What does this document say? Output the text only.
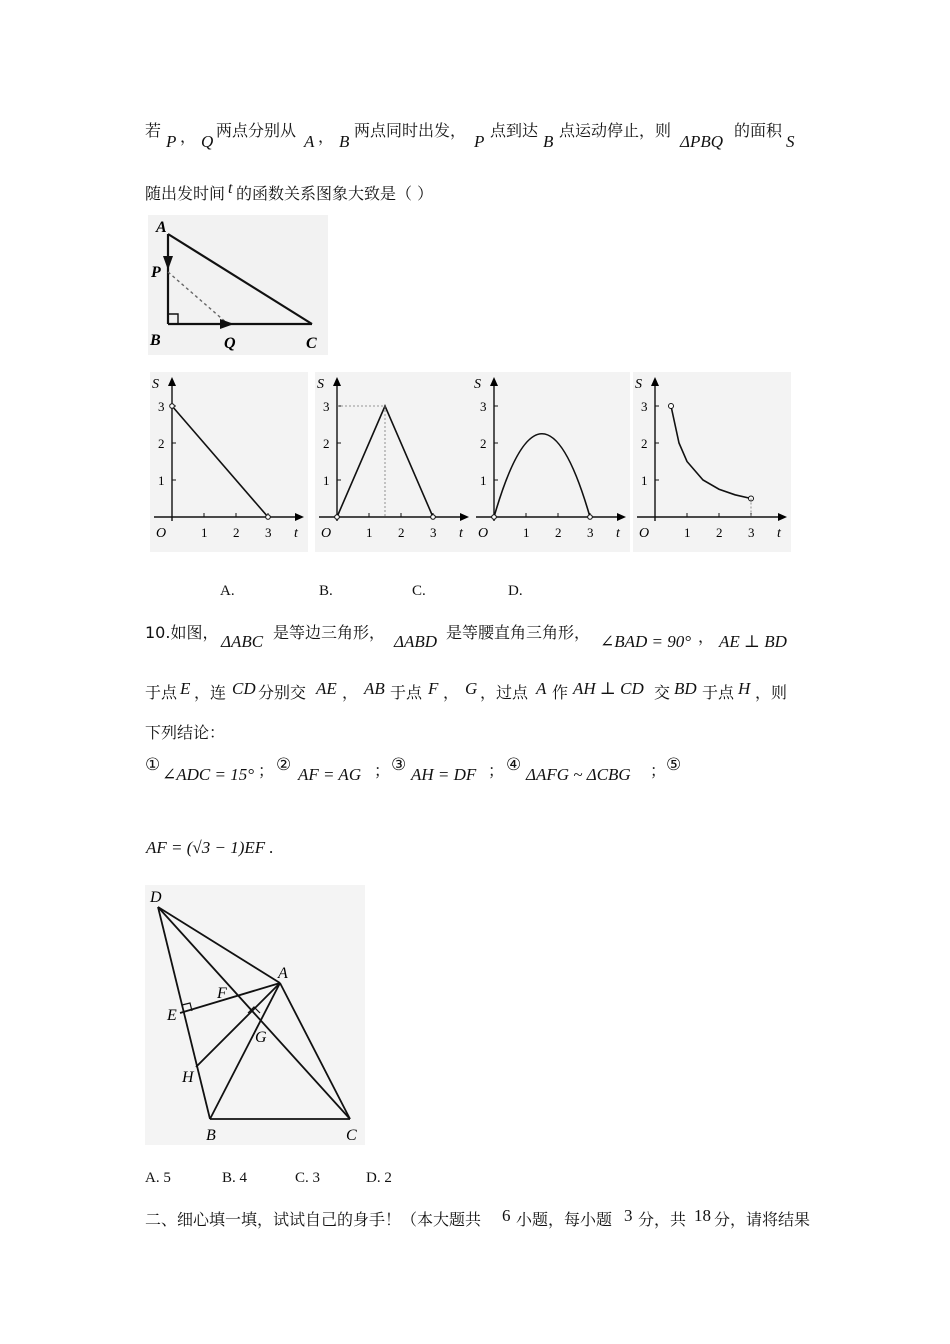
若
P ， Q
两点分别从
A ， B
两点同时出发，
P
点到达
B
点运动停止，则
ΔPBQ
的面积
S
随出发时间 t 的函数关系图象大致是（ ）
A
P
B	Q	C
1
1
2
2
3
3
O
S
t	1
1
2
2
3
3
O
S
t	1
1
2
2
3
3
O
S
t	1
1
2
2
3
3
O
S
t
A.	B.	C.	D.
10.如图， ΔABC 是等边三角形， ΔABD 是等腰直角三角形， ∠BAD = 90° ， AE ⊥ BD
于点 E ，连 CD 分别交 AE ， AB 于点 F ， G ，过点 A 作 AH ⊥ CD 交 BD 于点 H ，则
下列结论：
① ∠ADC = 15° ； ② AF = AG ； ③ AH = DF ； ④ ΔAFG ~ ΔCBG ； ⑤
AF = (√3 − 1)EF .
D
A
F
E
G
H
B	C
A. 5	B. 4	C. 3	D. 2
二、细心填一填，试试自己的身手！（本大题共 6 小题，每小题 3 分，共 18 分，请将结果
